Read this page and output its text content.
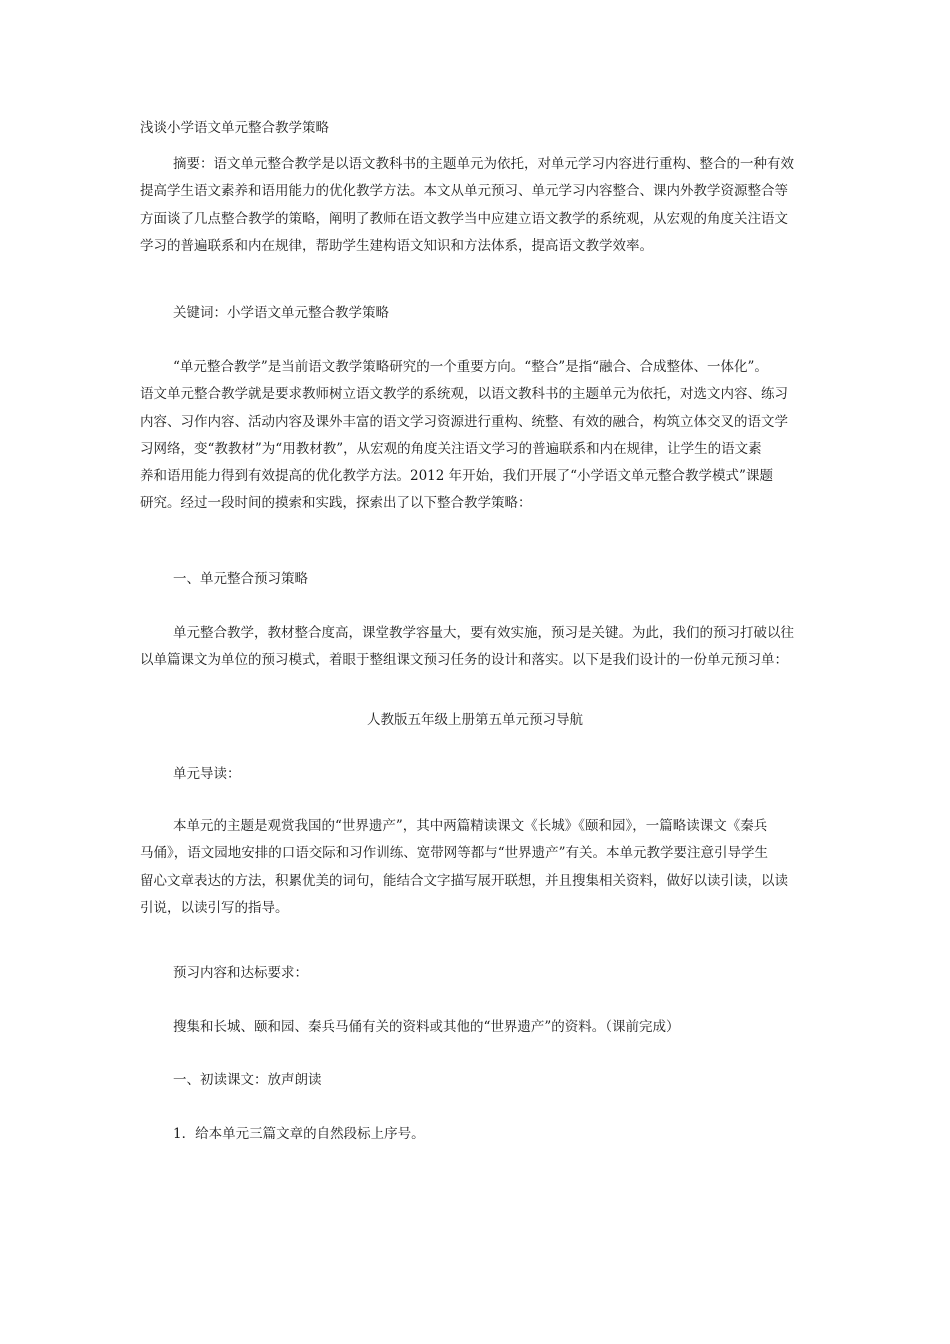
浅谈小学语文单元整合教学策略

摘要：语文单元整合教学是以语文教科书的主题单元为依托，对单元学习内容进行重构、整合的一种有效
提高学生语文素养和语用能力的优化教学方法。本文从单元预习、单元学习内容整合、课内外教学资源整合等
方面谈了几点整合教学的策略，阐明了教师在语文教学当中应建立语文教学的系统观，从宏观的角度关注语文
学习的普遍联系和内在规律，帮助学生建构语文知识和方法体系，提高语文教学效率。

关键词：小学语文单元整合教学策略

“单元整合教学”是当前语文教学策略研究的一个重要方向。“整合”是指“融合、合成整体、一体化”。
语文单元整合教学就是要求教师树立语文教学的系统观，以语文教科书的主题单元为依托，对选文内容、练习
内容、习作内容、活动内容及课外丰富的语文学习资源进行重构、统整、有效的融合，构筑立体交叉的语文学
习网络，变“教教材”为“用教材教”，从宏观的角度关注语文学习的普遍联系和内在规律，让学生的语文素
养和语用能力得到有效提高的优化教学方法。2012 年开始，我们开展了“小学语文单元整合教学模式”课题
研究。经过一段时间的摸索和实践，探索出了以下整合教学策略：

一、单元整合预习策略

单元整合教学，教材整合度高，课堂教学容量大，要有效实施，预习是关键。为此，我们的预习打破以往
以单篇课文为单位的预习模式，着眼于整组课文预习任务的设计和落实。以下是我们设计的一份单元预习单：

人教版五年级上册第五单元预习导航

单元导读：

本单元的主题是观赏我国的“世界遗产”，其中两篇精读课文《长城》《颐和园》，一篇略读课文《秦兵
马俑》，语文园地安排的口语交际和习作训练、宽带网等都与“世界遗产”有关。本单元教学要注意引导学生
留心文章表达的方法，积累优美的词句，能结合文字描写展开联想，并且搜集相关资料，做好以读引读，以读
引说，以读引写的指导。

预习内容和达标要求：

搜集和长城、颐和园、秦兵马俑有关的资料或其他的“世界遗产”的资料。（课前完成）

一、初读课文：放声朗读

1．给本单元三篇文章的自然段标上序号。
